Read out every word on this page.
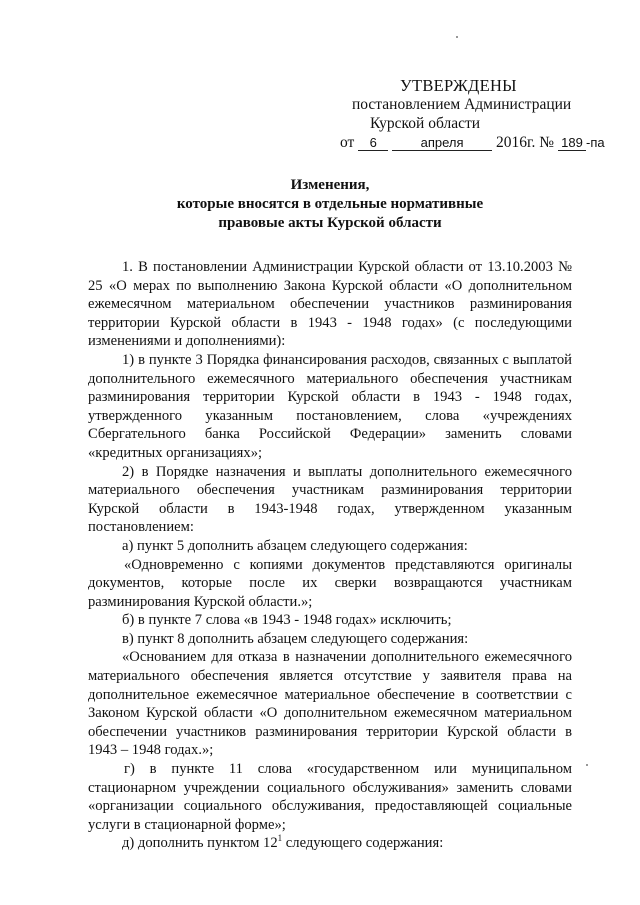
УТВЕРЖДЕНЫ
постановлением Администрации
Курской области
от 6	апреля 2016г. № 189 -па
Изменения,
которые вносятся в отдельные нормативные
правовые акты Курской области

1. В постановлении Администрации Курской области от 13.10.2003 № 25 «О мерах по выполнению Закона Курской области «О дополнительном ежемесячном материальном обеспечении участников разминирования территории Курской области в 1943 - 1948 годах» (с последующими изменениями и дополнениями):

1) в пункте 3 Порядка финансирования расходов, связанных с выплатой дополнительного ежемесячного материального обеспечения участникам разминирования территории Курской области в 1943 - 1948 годах, утвержденного указанным постановлением, слова «учреждениях Сбергательного банка Российской Федерации» заменить словами «кредитных организациях»;

2) в Порядке назначения и выплаты дополнительного ежемесячного материального обеспечения участникам разминирования территории Курской области в 1943-1948 годах, утвержденном указанным постановлением:

а) пункт 5 дополнить абзацем следующего содержания:

«Одновременно с копиями документов представляются оригиналы документов, которые после их сверки возвращаются участникам разминирования Курской области.»;

б) в пункте 7 слова «в 1943 - 1948 годах» исключить;

в) пункт 8 дополнить абзацем следующего содержания:

«Основанием для отказа в назначении дополнительного ежемесячного материального обеспечения является отсутствие у заявителя права на дополнительное ежемесячное материальное обеспечение в соответствии с Законом Курской области «О дополнительном ежемесячном материальном обеспечении участников разминирования территории Курской области в 1943 – 1948 годах.»;

г) в пункте 11 слова «государственном или муниципальном стационарном учреждении социального обслуживания» заменить словами «организации социального обслуживания, предоставляющей социальные услуги в стационарной форме»;

д) дополнить пунктом $12^1$ следующего содержания:
